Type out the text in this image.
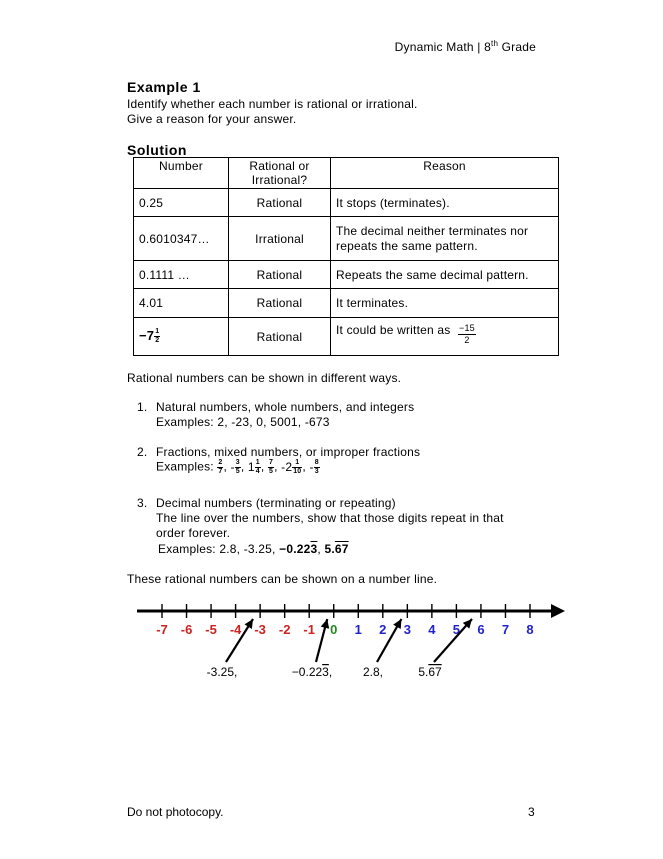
Dynamic Math | 8th Grade
Example 1
Identify whether each number is rational or irrational.
Give a reason for your answer.
Solution
Number	Rational or Irrational?	Reason
0.25	Rational	It stops (terminates).
0.6010347…	Irrational	The decimal neither terminates nor repeats the same pattern.
0.1111 …	Rational	Repeats the same decimal pattern.
4.01	Rational	It terminates.
$-7 \frac{1}{2}$	Rational	It could be written as $\frac{-15}{2}$
Rational numbers can be shown in different ways.
1. Natural numbers, whole numbers, and integers
Examples: 2, -23, 0, 5001, -673
2. Fractions, mixed numbers, or improper fractions
Examples: $\frac{2}{7}$ , - $\frac{3}{5}$ , $1 \frac{1}{4}$ , $\frac{7}{5}$ , $-2 \frac{1}{10}$ , - $\frac{8}{3}$
3. Decimal numbers (terminating or repeating)
The line over the numbers, show that those digits repeat in that
order forever.
Examples: 2.8, -3.25, −0.223, 5.67
These rational numbers can be shown on a number line.
-7 -6 -5 -4 -3 -2 -1 0 1 2 3 4 5 6 7 8
-3.25,	−0.223,	2.8,	5.67
Do not photocopy.	3
